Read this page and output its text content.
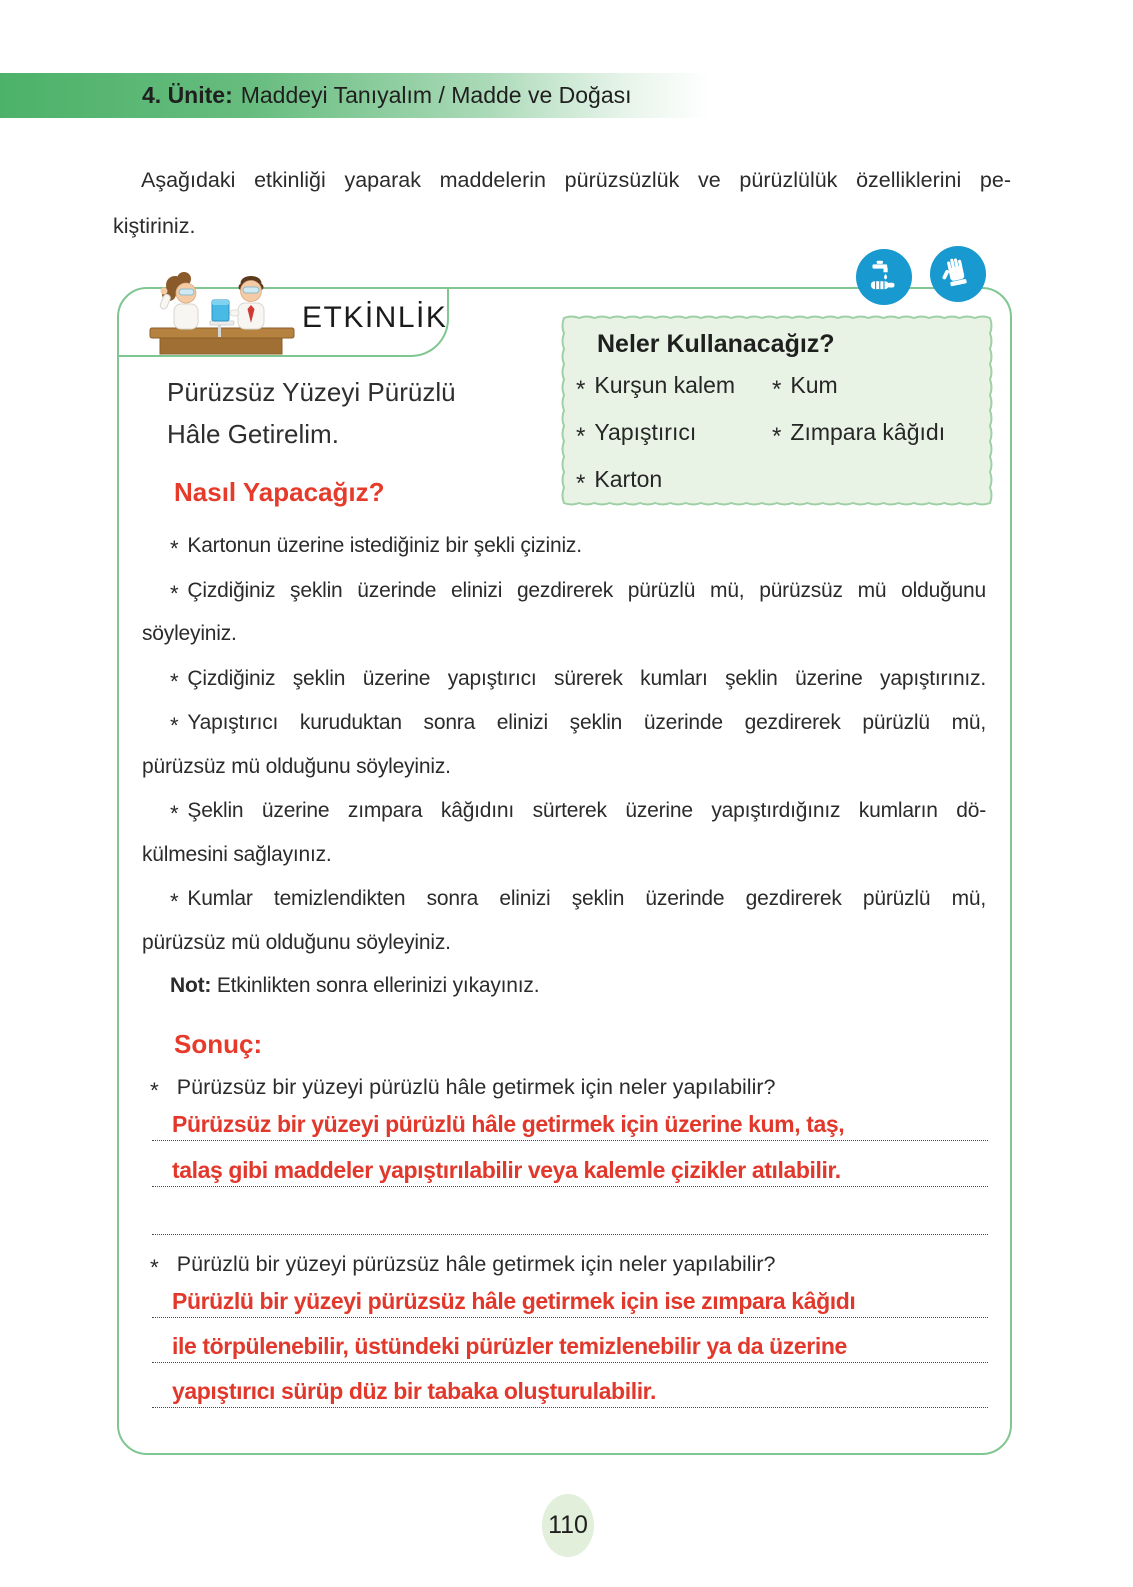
4. Ünite: Maddeyi Tanıyalım / Madde ve Doğası
Aşağıdaki etkinliği yaparak maddelerin pürüzsüzlük ve pürüzlülük özelliklerini pe-
kiştiriniz.
ETKİNLİK
Neler Kullanacağız?
* Kurşun kalem
* Yapıştırıcı
* Karton
* Kum
* Zımpara kâğıdı
Pürüzsüz Yüzeyi Pürüzlü
Hâle Getirelim.
Nasıl Yapacağız?
* Kartonun üzerine istediğiniz bir şekli çiziniz.
* Çizdiğiniz şeklin üzerinde elinizi gezdirerek pürüzlü mü, pürüzsüz mü olduğunu
söyleyiniz.
* Çizdiğiniz şeklin üzerine yapıştırıcı sürerek kumları şeklin üzerine yapıştırınız.
* Yapıştırıcı kuruduktan sonra elinizi şeklin üzerinde gezdirerek pürüzlü mü,
pürüzsüz mü olduğunu söyleyiniz.
* Şeklin üzerine zımpara kâğıdını sürterek üzerine yapıştırdığınız kumların dö-
külmesini sağlayınız.
* Kumlar temizlendikten sonra elinizi şeklin üzerinde gezdirerek pürüzlü mü,
pürüzsüz mü olduğunu söyleyiniz.
Not: Etkinlikten sonra ellerinizi yıkayınız.
Sonuç:
* Pürüzsüz bir yüzeyi pürüzlü hâle getirmek için neler yapılabilir?
Pürüzsüz bir yüzeyi pürüzlü hâle getirmek için üzerine kum, taş,
talaş gibi maddeler yapıştırılabilir veya kalemle çizikler atılabilir.
* Pürüzlü bir yüzeyi pürüzsüz hâle getirmek için neler yapılabilir?
Pürüzlü bir yüzeyi pürüzsüz hâle getirmek için ise zımpara kâğıdı
ile törpülenebilir, üstündeki pürüzler temizlenebilir ya da üzerine
yapıştırıcı sürüp düz bir tabaka oluşturulabilir.
110
